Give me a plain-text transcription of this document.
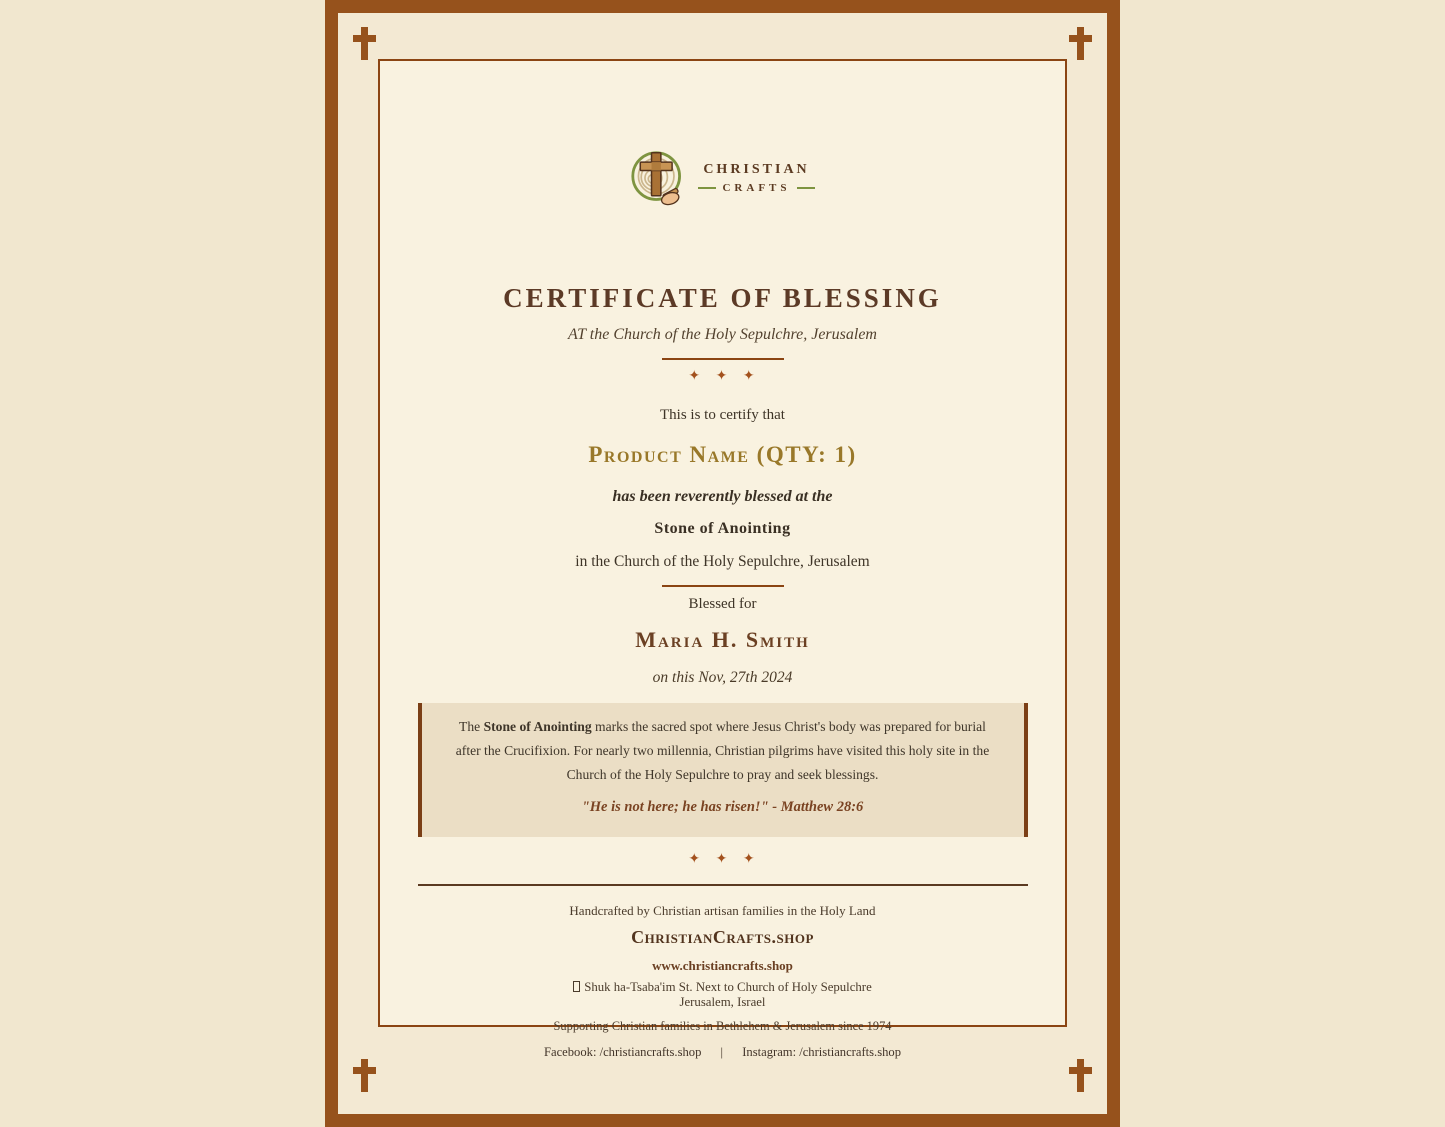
CHRISTIAN
CRAFTS
CERTIFICATE OF BLESSING
AT the Church of the Holy Sepulchre, Jerusalem
✦ ✦ ✦
This is to certify that
Product Name (QTY: 1)
has been reverently blessed at the
Stone of Anointing
in the Church of the Holy Sepulchre, Jerusalem
Blessed for
Maria H. Smith
on this Nov, 27th 2024
The Stone of Anointing marks the sacred spot where Jesus Christ's body was prepared for burial after the Crucifixion. For nearly two millennia, Christian pilgrims have visited this holy site in the Church of the Holy Sepulchre to pray and seek blessings.
"He is not here; he has risen!" - Matthew 28:6
✦ ✦ ✦
Handcrafted by Christian artisan families in the Holy Land
ChristianCrafts.shop
www.christiancrafts.shop
Shuk ha-Tsaba'im St. Next to Church of Holy Sepulchre
Jerusalem, Israel
Supporting Christian families in Bethlehem & Jerusalem since 1974
Facebook: /christiancrafts.shop | Instagram: /christiancrafts.shop
